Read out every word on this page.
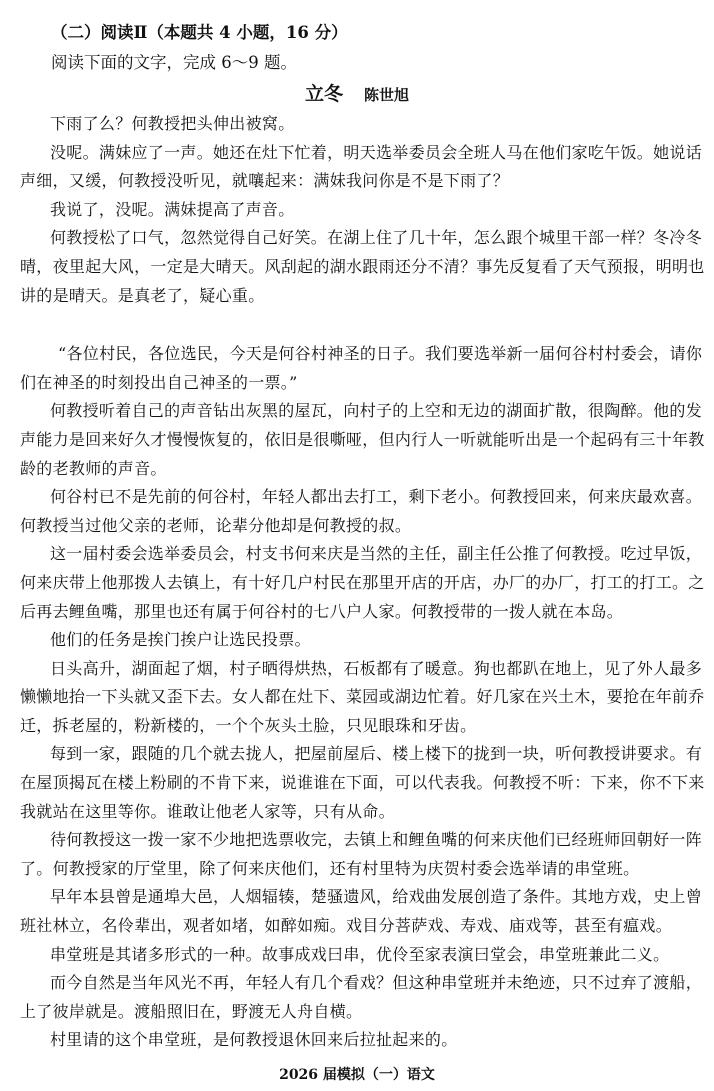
（二）阅读Ⅱ（本题共 4 小题，16 分）
阅读下面的文字，完成 6～9 题。
立冬 陈世旭
下雨了么？何教授把头伸出被窝。
没呢。满妹应了一声。她还在灶下忙着，明天选举委员会全班人马在他们家吃午饭。她说话
声细，又缓，何教授没听见，就嚷起来：满妹我问你是不是下雨了？
我说了，没呢。满妹提高了声音。
何教授松了口气，忽然觉得自己好笑。在湖上住了几十年，怎么跟个城里干部一样？冬冷冬
晴，夜里起大风，一定是大晴天。风刮起的湖水跟雨还分不清？事先反复看了天气预报，明明也
讲的是晴天。是真老了，疑心重。
“各位村民，各位选民，今天是何谷村神圣的日子。我们要选举新一届何谷村村委会，请你
们在神圣的时刻投出自己神圣的一票。”
何教授听着自己的声音钻出灰黑的屋瓦，向村子的上空和无边的湖面扩散，很陶醉。他的发
声能力是回来好久才慢慢恢复的，依旧是很嘶哑，但内行人一听就能听出是一个起码有三十年教
龄的老教师的声音。
何谷村已不是先前的何谷村，年轻人都出去打工，剩下老小。何教授回来，何来庆最欢喜。
何教授当过他父亲的老师，论辈分他却是何教授的叔。
这一届村委会选举委员会，村支书何来庆是当然的主任，副主任公推了何教授。吃过早饭，
何来庆带上他那拨人去镇上，有十好几户村民在那里开店的开店，办厂的办厂，打工的打工。之
后再去鲤鱼嘴，那里也还有属于何谷村的七八户人家。何教授带的一拨人就在本岛。
他们的任务是挨门挨户让选民投票。
日头高升，湖面起了烟，村子晒得烘热，石板都有了暖意。狗也都趴在地上，见了外人最多
懒懒地抬一下头就又歪下去。女人都在灶下、菜园或湖边忙着。好几家在兴土木，要抢在年前乔
迁，拆老屋的，粉新楼的，一个个灰头土脸，只见眼珠和牙齿。
每到一家，跟随的几个就去拢人，把屋前屋后、楼上楼下的拢到一块，听何教授讲要求。有
在屋顶揭瓦在楼上粉刷的不肯下来，说谁谁在下面，可以代表我。何教授不听：下来，你不下来
我就站在这里等你。谁敢让他老人家等，只有从命。
待何教授这一拨一家不少地把选票收完，去镇上和鲤鱼嘴的何来庆他们已经班师回朝好一阵
了。何教授家的厅堂里，除了何来庆他们，还有村里特为庆贺村委会选举请的串堂班。
早年本县曾是通埠大邑，人烟辐辏，楚骚遗风，给戏曲发展创造了条件。其地方戏，史上曾
班社林立，名伶辈出，观者如堵，如醉如痴。戏目分菩萨戏、寿戏、庙戏等，甚至有瘟戏。
串堂班是其诸多形式的一种。故事成戏曰串，优伶至家表演曰堂会，串堂班兼此二义。
而今自然是当年风光不再，年轻人有几个看戏？但这种串堂班并未绝迹，只不过弃了渡船，
上了彼岸就是。渡船照旧在，野渡无人舟自横。
村里请的这个串堂班，是何教授退休回来后拉扯起来的。
2026 届模拟（一）语文
